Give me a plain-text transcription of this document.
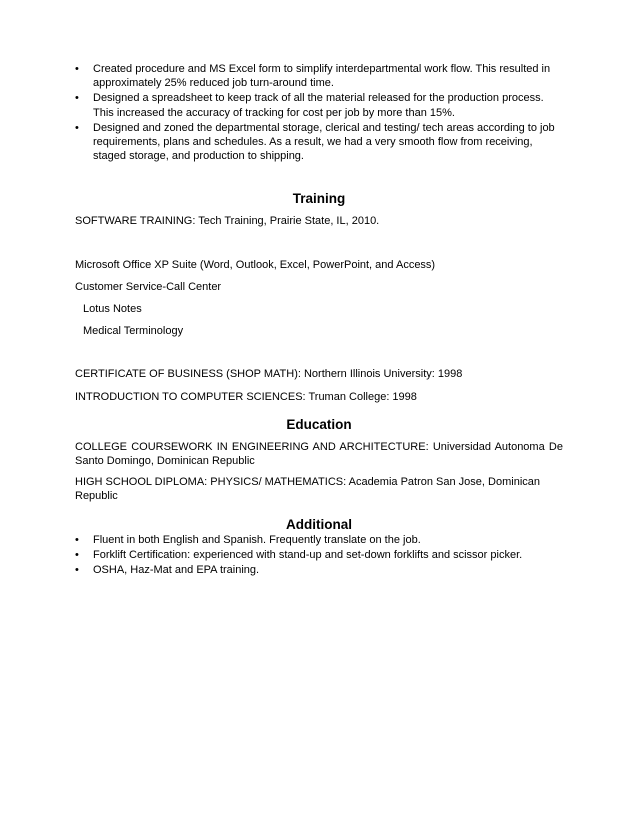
• Created procedure and MS Excel form to simplify interdepartmental work flow. This resulted in approximately 25% reduced job turn-around time.
• Designed a spreadsheet to keep track of all the material released for the production process. This increased the accuracy of tracking for cost per job by more than 15%.
• Designed and zoned the departmental storage, clerical and testing/ tech areas according to job requirements, plans and schedules. As a result, we had a very smooth flow from receiving, staged storage, and production to shipping.
Training

SOFTWARE TRAINING: Tech Training, Prairie State, IL, 2010.

Microsoft Office XP Suite (Word, Outlook, Excel, PowerPoint, and Access)

Customer Service-Call Center

Lotus Notes

Medical Terminology

CERTIFICATE OF BUSINESS (SHOP MATH): Northern Illinois University: 1998

INTRODUCTION TO COMPUTER SCIENCES: Truman College: 1998

Education

COLLEGE COURSEWORK IN ENGINEERING AND ARCHITECTURE: Universidad Autonoma De Santo Domingo, Dominican Republic

HIGH SCHOOL DIPLOMA: PHYSICS/ MATHEMATICS: Academia Patron San Jose, Dominican Republic

Additional
• Fluent in both English and Spanish. Frequently translate on the job.
• Forklift Certification: experienced with stand-up and set-down forklifts and scissor picker.
• OSHA, Haz-Mat and EPA training.
